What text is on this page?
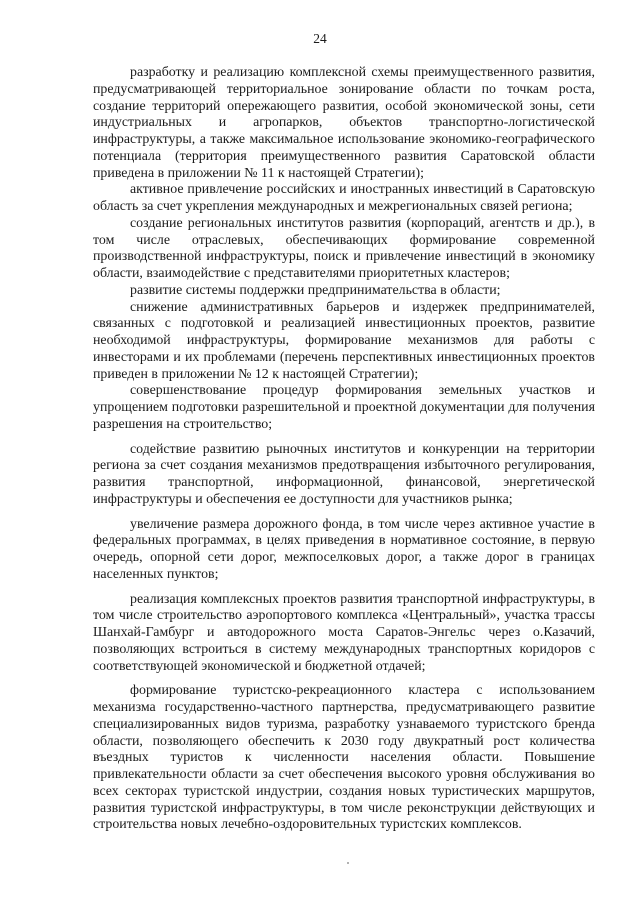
24

разработку и реализацию комплексной схемы преимущественного развития, предусматривающей территориальное зонирование области по точкам роста, создание территорий опережающего развития, особой экономической зоны, сети индустриальных и агропарков, объектов транспортно-логистической инфраструктуры, а также максимальное использование экономико-географического потенциала (территория преимущественного развития Саратовской области приведена в приложении № 11 к настоящей Стратегии);

активное привлечение российских и иностранных инвестиций в Саратовскую область за счет укрепления международных и межрегиональных связей региона;

создание региональных институтов развития (корпораций, агентств и др.), в том числе отраслевых, обеспечивающих формирование современной производственной инфраструктуры, поиск и привлечение инвестиций в экономику области, взаимодействие с представителями приоритетных кластеров;

развитие системы поддержки предпринимательства в области;

снижение административных барьеров и издержек предпринимателей, связанных с подготовкой и реализацией инвестиционных проектов, развитие необходимой инфраструктуры, формирование механизмов для работы с инвесторами и их проблемами (перечень перспективных инвестиционных проектов приведен в приложении № 12 к настоящей Стратегии);

совершенствование процедур формирования земельных участков и упрощением подготовки разрешительной и проектной документации для получения разрешения на строительство;

содействие развитию рыночных институтов и конкуренции на территории региона за счет создания механизмов предотвращения избыточного регулирования, развития транспортной, информационной, финансовой, энергетической инфраструктуры и обеспечения ее доступности для участников рынка;

увеличение размера дорожного фонда, в том числе через активное участие в федеральных программах, в целях приведения в нормативное состояние, в первую очередь, опорной сети дорог, межпоселковых дорог, а также дорог в границах населенных пунктов;

реализация комплексных проектов развития транспортной инфраструктуры, в том числе строительство аэропортового комплекса «Центральный», участка трассы Шанхай-Гамбург и автодорожного моста Саратов-Энгельс через о.Казачий, позволяющих встроиться в систему международных транспортных коридоров с соответствующей экономической и бюджетной отдачей;

формирование туристско-рекреационного кластера с использованием механизма государственно-частного партнерства, предусматривающего развитие специализированных видов туризма, разработку узнаваемого туристского бренда области, позволяющего обеспечить к 2030 году двукратный рост количества въездных туристов к численности населения области. Повышение привлекательности области за счет обеспечения высокого уровня обслуживания во всех секторах туристской индустрии, создания новых туристических маршрутов, развития туристской инфраструктуры, в том числе реконструкции действующих и строительства новых лечебно-оздоровительных туристских комплексов.
